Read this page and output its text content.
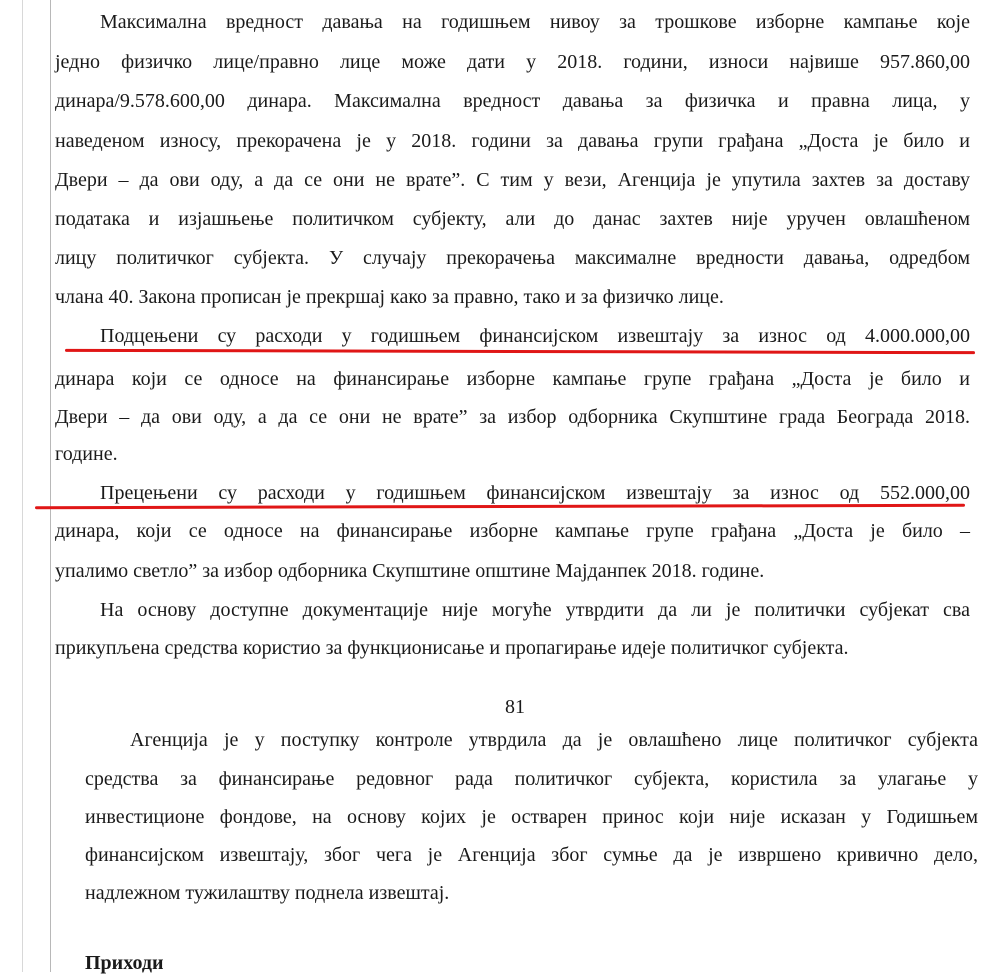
Максимална вредност давања на годишњем нивоу за трошкове изборне кампање које
једно физичко лице/правно лице може дати у 2018. години, износи највише 957.860,00
динара/9.578.600,00 динара. Максимална вредност давања за физичка и правна лица, у
наведеном износу, прекорачена је у 2018. години за давања групи грађана „Доста је било и
Двери – да ови оду, а да се они не врате”. С тим у вези, Агенција је упутила захтев за доставу
података и изјашњење политичком субјекту, али до данас захтев није уручен овлашћеном
лицу политичког субјекта. У случају прекорачења максималне вредности давања, одредбом
члана 40. Закона прописан је прекршај како за правно, тако и за физичко лице.
Подцењени су расходи у годишњем финансијском извештају за износ од 4.000.000,00
динара који се односе на финансирање изборне кампање групе грађана „Доста је било и
Двери – да ови оду, а да се они не врате” за избор одборника Скупштине града Београда 2018.
године.
Прецењени су расходи у годишњем финансијском извештају за износ од 552.000,00
динара, који се односе на финансирање изборне кампање групе грађана „Доста је било –
упалимо светло” за избор одборника Скупштине општине Мајданпек 2018. године.
На основу доступне документације није могуће утврдити да ли је политички субјекат сва
прикупљена средства користио за функционисање и пропагирање идеје политичког субјекта.
81
Агенција је у поступку контроле утврдила да је овлашћено лице политичког субјекта
средства за финансирање редовног рада политичког субјекта, користила за улагање у
инвестиционе фондове, на основу којих је остварен принос који није исказан у Годишњем
финансијском извештају, због чега је Агенција због сумње да је извршено кривично дело,
надлежном тужилаштву поднела извештај.
Приходи
